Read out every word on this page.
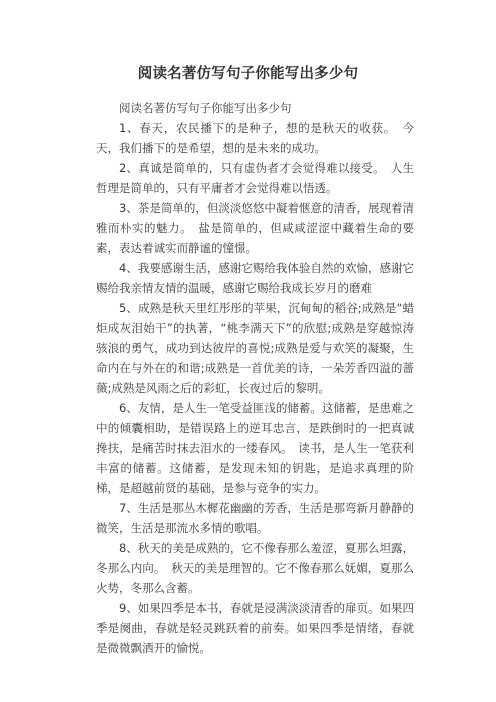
阅读名著仿写句子你能写出多少句

阅读名著仿写句子你能写出多少句

1、春天，农民播下的是种子，想的是秋天的收获。　今天，我们播下的是希望，想的是未来的成功。

2、真诚是简单的，只有虚伪者才会觉得难以接受。　人生哲理是简单的，只有平庸者才会觉得难以悟透。

3、茶是简单的，但淡淡悠悠中凝着惬意的清香，展现着清雅而朴实的魅力。　盐是简单的，但咸咸涩涩中藏着生命的要素，表达着诚实而静谧的憧憬。

4、我要感谢生活，感谢它赐给我体验自然的欢愉，感谢它赐给我亲情友情的温暖，感谢它赐给我成长岁月的磨难

5、成熟是秋天里红彤彤的苹果，沉甸甸的稻谷;成熟是“蜡炬成灰泪始干”的执著，“桃李满天下”的欣慰;成熟是穿越惊涛骇浪的勇气，成功到达彼岸的喜悦;成熟是爱与欢笑的凝聚，生命内在与外在的和谐;成熟是一首优美的诗，一朵芳香四溢的蔷薇;成熟是风雨之后的彩虹，长夜过后的黎明。

6、友情，是人生一笔受益匪浅的储蓄。这储蓄，是患难之中的倾囊相助，是错误路上的逆耳忠言，是跌倒时的一把真诚搀扶，是痛苦时抹去泪水的一缕春风。　读书，是人生一笔获利丰富的储蓄。这储蓄，是发现未知的钥匙，是追求真理的阶梯，是超越前贤的基础，是参与竞争的实力。

7、生活是那丛木樨花幽幽的芳香，生活是那弯新月静静的微笑，生活是那流水多情的歌唱。

8、秋天的美是成熟的，它不像春那么羞涩，夏那么坦露，冬那么内向。　秋天的美是理智的。它不像春那么妩媚，夏那么火势，冬那么含蓄。

9、如果四季是本书，春就是浸满淡淡清香的扉页。如果四季是阕曲，春就是轻灵跳跃着的前奏。如果四季是情绪，春就是微微飘洒开的愉悦。
